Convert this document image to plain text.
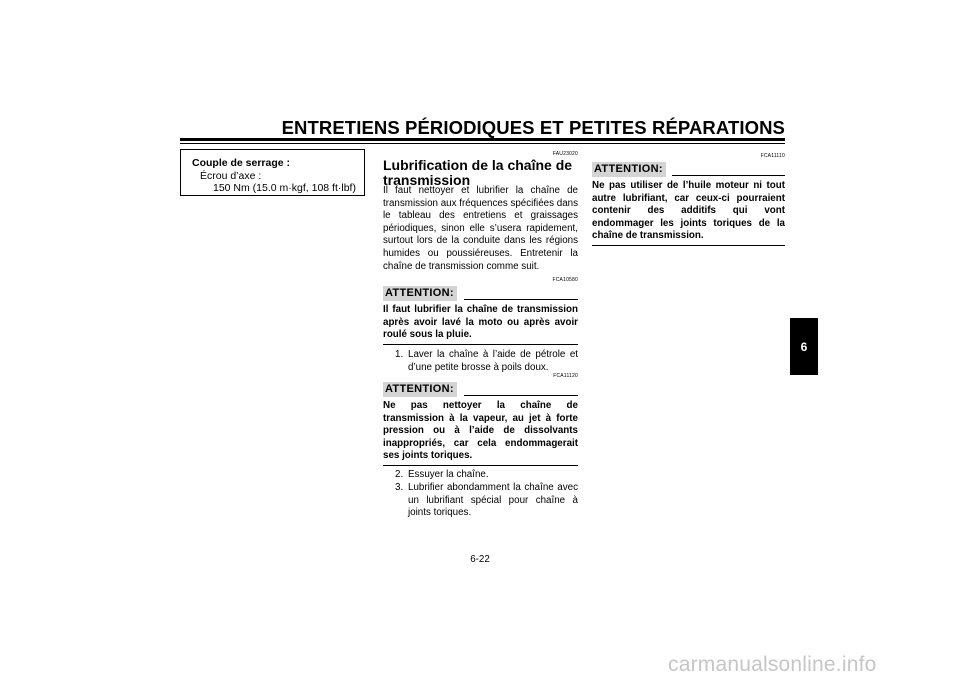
ENTRETIENS PÉRIODIQUES ET PETITES RÉPARATIONS
Couple de serrage :
Écrou d’axe :
150 Nm (15.0 m·kgf, 108 ft·lbf)
FAU23020
Lubrification de la chaîne de transmission
Il faut nettoyer et lubrifier la chaîne de transmission aux fréquences spécifiées dans le tableau des entretiens et graissages périodiques, sinon elle s’usera rapidement, surtout lors de la conduite dans les régions humides ou poussiéreuses. Entretenir la chaîne de transmission comme suit.
FCA10580
ATTENTION:
Il faut lubrifier la chaîne de transmission après avoir lavé la moto ou après avoir roulé sous la pluie.
1. Laver la chaîne à l’aide de pétrole et d’une petite brosse à poils doux.
FCA11120
ATTENTION:
Ne pas nettoyer la chaîne de transmission à la vapeur, au jet à forte pression ou à l’aide de dissolvants inappropriés, car cela endommagerait ses joints toriques.
2. Essuyer la chaîne.
3. Lubrifier abondamment la chaîne avec un lubrifiant spécial pour chaîne à joints toriques.
FCA11110
ATTENTION:
Ne pas utiliser de l’huile moteur ni tout autre lubrifiant, car ceux-ci pourraient contenir des additifs qui vont endommager les joints toriques de la chaîne de transmission.
6-22
6
carmanualsonline.info
